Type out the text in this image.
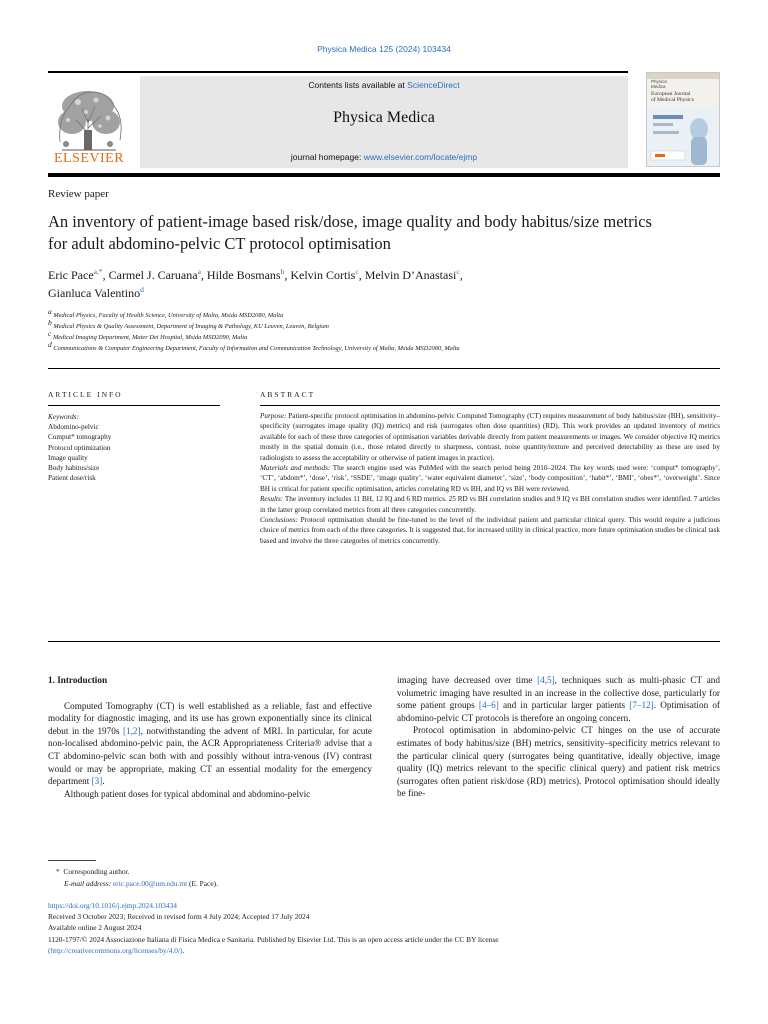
Physica Medica 125 (2024) 103434
ELSEVIER
Contents lists available at ScienceDirect
Physica Medica
journal homepage: www.elsevier.com/locate/ejmp
Physica
Medica
European Journal
of Medical Physics
Review paper
An inventory of patient-image based risk/dose, image quality and body habitus/size metrics for adult abdomino-pelvic CT protocol optimisation
Eric Pace$^{a,*}$, Carmel J. Caruana$^a$, Hilde Bosmans$^b$, Kelvin Cortis$^c$, Melvin D’Anastasi$^c$,
Gianluca Valentino$^d$
$^a$ Medical Physics, Faculty of Health Science, University of Malta, Msida MSD2080, Malta
$^b$ Medical Physics & Quality Assessment, Department of Imaging & Pathology, KU Leuven, Leuven, Belgium
$^c$ Medical Imaging Department, Mater Dei Hospital, Msida MSD2090, Malta
$^d$ Communications & Computer Engineering Department, Faculty of Information and Communication Technology, University of Malta, Msida MSD2080, Malta
ARTICLE INFO	ABSTRACT
Keywords:
Abdomino-pelvic
Comput* tomography
Protocol optimization
Image quality
Body habitus/size
Patient dose/risk

Purpose: Patient-specific protocol optimisation in abdomino-pelvic Computed Tomography (CT) requires measurement of body habitus/size (BH), sensitivity–specificity (surrogates image quality (IQ) metrics) and risk (surrogates often dose quantities) (RD). This work provides an updated inventory of metrics available for each of these three categories of optimisation variables derivable directly from patient measurements or images. We consider objective IQ metrics mostly in the spatial domain (i.e., those related directly to sharpness, contrast, noise quantity/texture and perceived detectability as these are used by radiologists to assess the acceptability or otherwise of patient images in practice).

Materials and methods: The search engine used was PubMed with the search period being 2010–2024. The key words used were: ‘comput* tomography’, ‘CT’, ‘abdom*’, ‘dose’, ‘risk’, ‘SSDE’, ‘image quality’, ‘water equivalent diameter’, ‘size’, ‘body composition’, ‘habit*’, ‘BMI’, ‘obes*’, ‘overweight’. Since BH is critical for patient specific optimisation, articles correlating RD vs BH, and IQ vs BH were reviewed.

Results: The inventory includes 11 BH, 12 IQ and 6 RD metrics. 25 RD vs BH correlation studies and 9 IQ vs BH correlation studies were identified. 7 articles in the latter group correlated metrics from all three categories concurrently.

Conclusions: Protocol optimisation should be fine-tuned to the level of the individual patient and particular clinical query. This would require a judicious choice of metrics from each of the three categories. It is suggested that, for increased utility in clinical practice, more future optimisation studies be clinical task based and involve the three categories of metrics concurrently.

1. Introduction

Computed Tomography (CT) is well established as a reliable, fast and effective modality for diagnostic imaging, and its use has grown exponentially since its clinical debut in the 1970s [1,2], notwithstanding the advent of MRI. In particular, for acute non-localised abdomino-pelvic pain, the ACR Appropriateness Criteria® advise that a CT abdomino-pelvic scan both with and possibly without intra-venous (IV) contrast would or may be appropriate, making CT an essential modality for the emergency department [3].

Although patient doses for typical abdominal and abdomino-pelvic

imaging have decreased over time [4,5], techniques such as multi-phasic CT and volumetric imaging have resulted in an increase in the collective dose, particularly for some patient groups [4–6] and in particular larger patients [7–12]. Optimisation of abdomino-pelvic CT protocols is therefore an ongoing concern.

Protocol optimisation in abdomino-pelvic CT hinges on the use of accurate estimates of body habitus/size (BH) metrics, sensitivity–specificity metrics relevant to the particular clinical query (surrogates being quantitative, ideally objective, image quality (IQ) metrics relevant to the specific clinical query) and patient risk metrics (surrogates often patient risk/dose (RD) metrics). Protocol optimisation should ideally be fine-

* Corresponding author.
E-mail address: eric.pace.00@um.edu.mt (E. Pace).
https://doi.org/10.1016/j.ejmp.2024.103434
Received 3 October 2023; Received in revised form 4 July 2024; Accepted 17 July 2024
Available online 2 August 2024
1120-1797/© 2024 Associazione Italiana di Fisica Medica e Sanitaria. Published by Elsevier Ltd. This is an open access article under the CC BY license
(http://creativecommons.org/licenses/by/4.0/).
